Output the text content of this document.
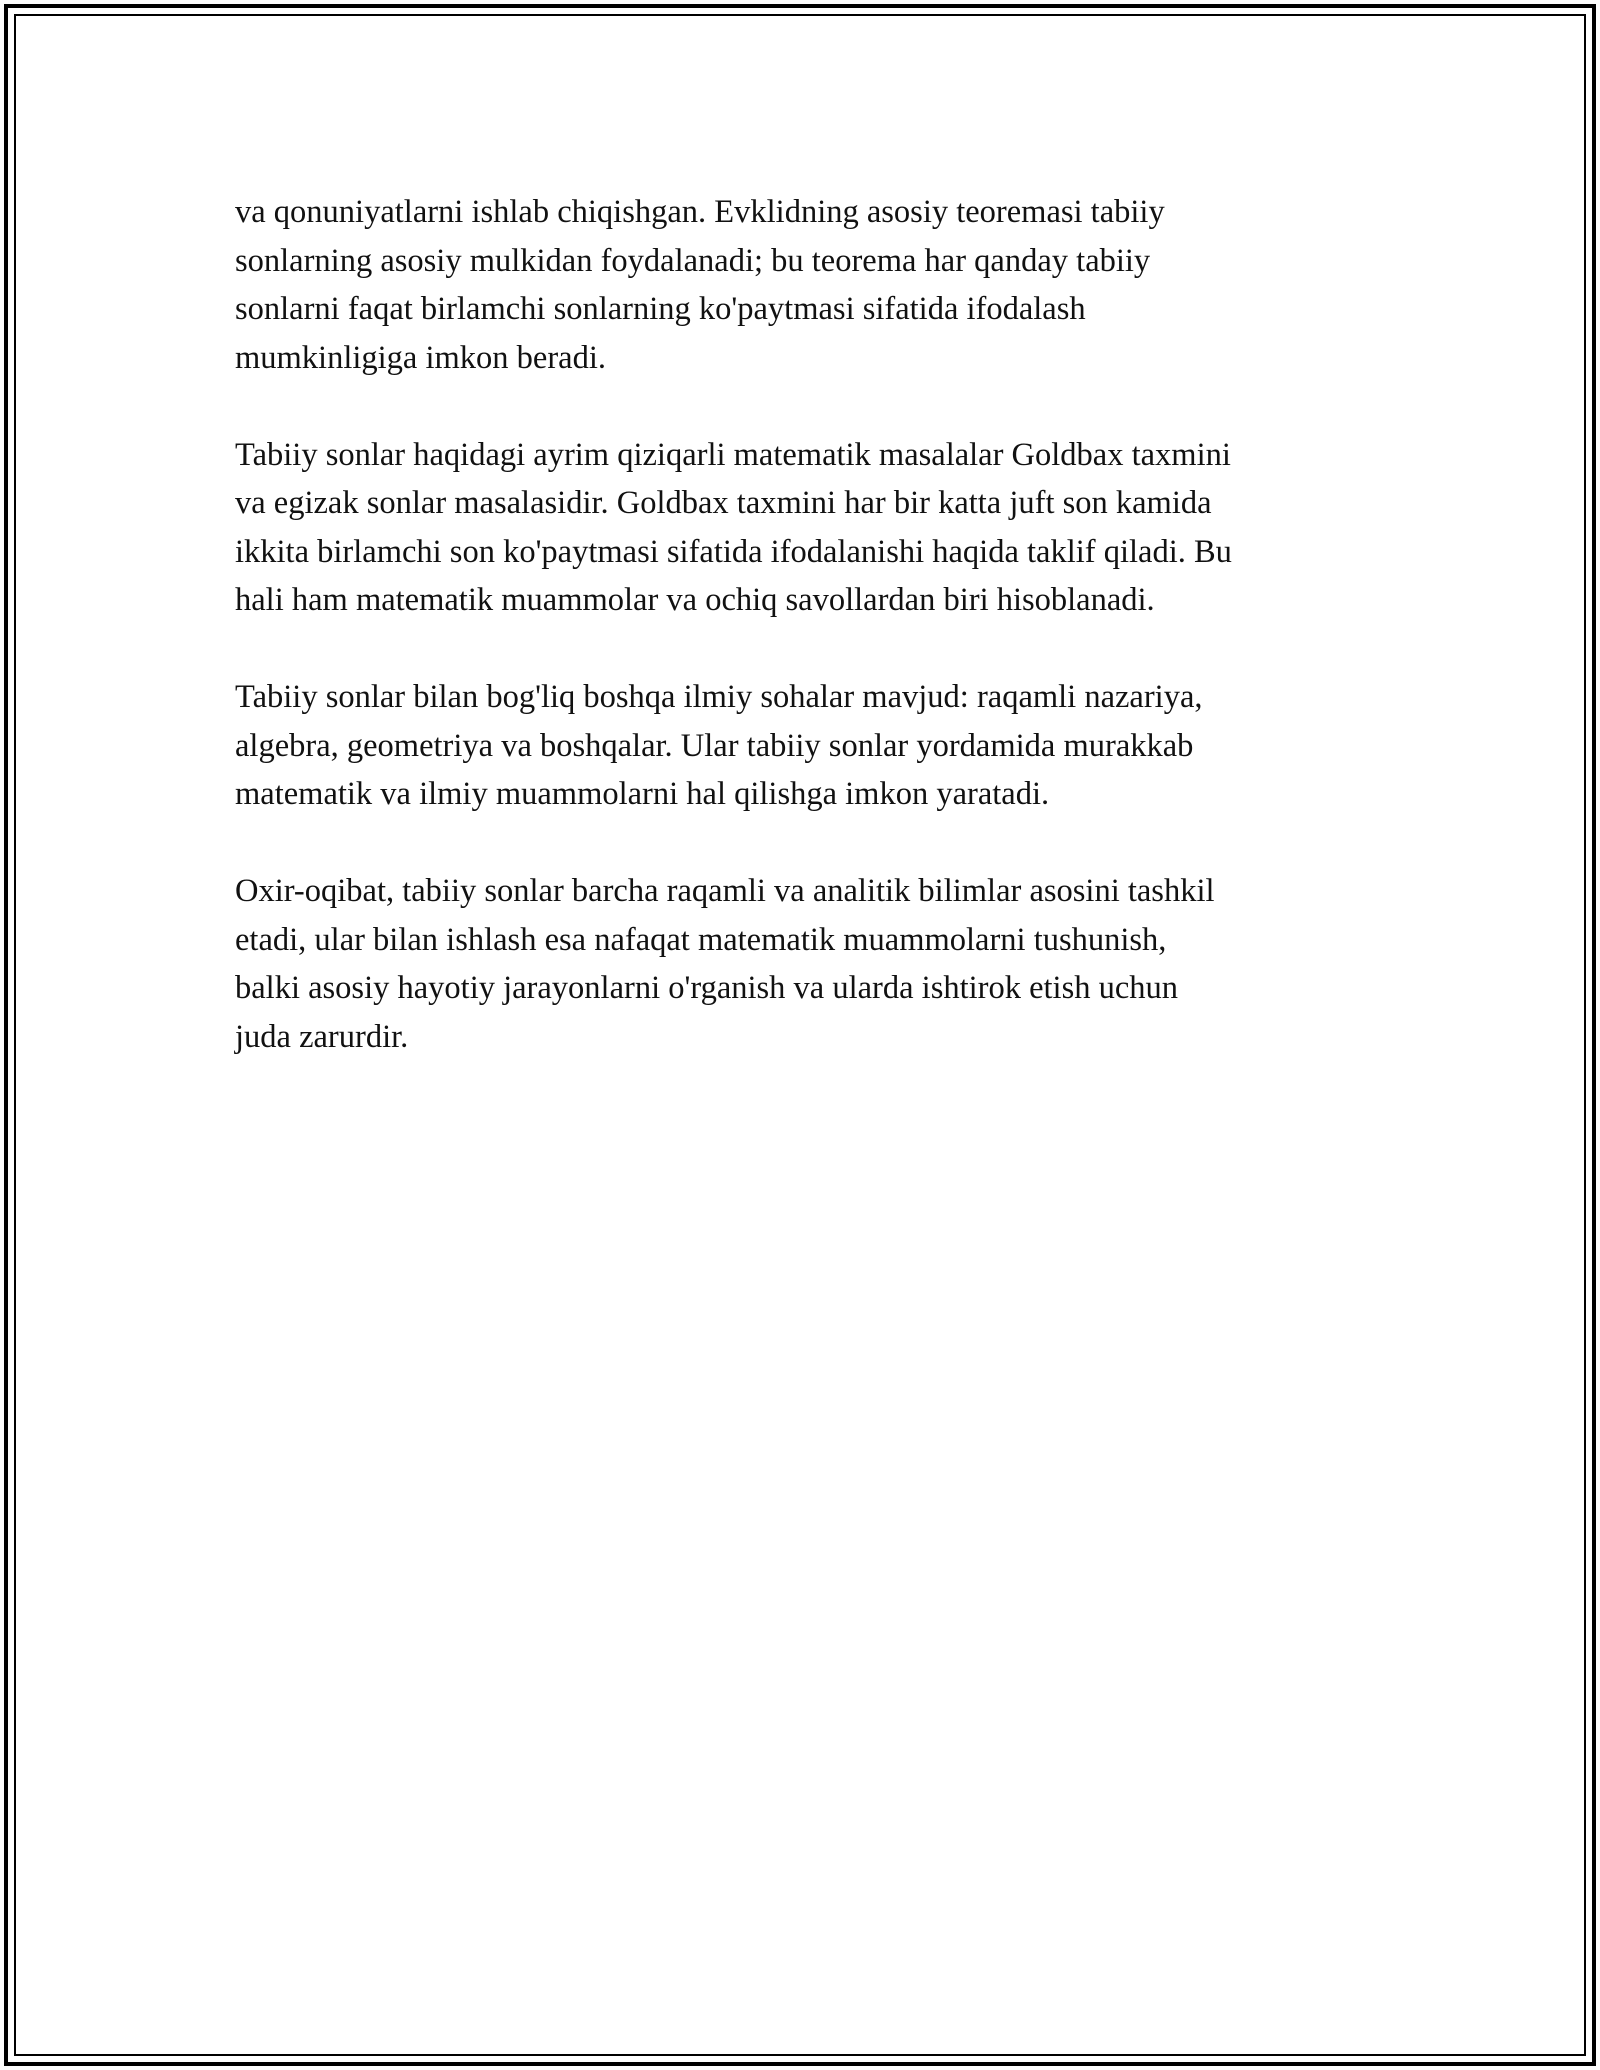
va qonuniyatlarni ishlab chiqishgan. Evklidning asosiy teoremasi tabiiy
sonlarning asosiy mulkidan foydalanadi; bu teorema har qanday tabiiy
sonlarni faqat birlamchi sonlarning ko'paytmasi sifatida ifodalash
mumkinligiga imkon beradi.

Tabiiy sonlar haqidagi ayrim qiziqarli matematik masalalar Goldbax taxmini
va egizak sonlar masalasidir. Goldbax taxmini har bir katta juft son kamida
ikkita birlamchi son ko'paytmasi sifatida ifodalanishi haqida taklif qiladi. Bu
hali ham matematik muammolar va ochiq savollardan biri hisoblanadi.

Tabiiy sonlar bilan bog'liq boshqa ilmiy sohalar mavjud: raqamli nazariya,
algebra, geometriya va boshqalar. Ular tabiiy sonlar yordamida murakkab
matematik va ilmiy muammolarni hal qilishga imkon yaratadi.

Oxir-oqibat, tabiiy sonlar barcha raqamli va analitik bilimlar asosini tashkil
etadi, ular bilan ishlash esa nafaqat matematik muammolarni tushunish,
balki asosiy hayotiy jarayonlarni o'rganish va ularda ishtirok etish uchun
juda zarurdir.
